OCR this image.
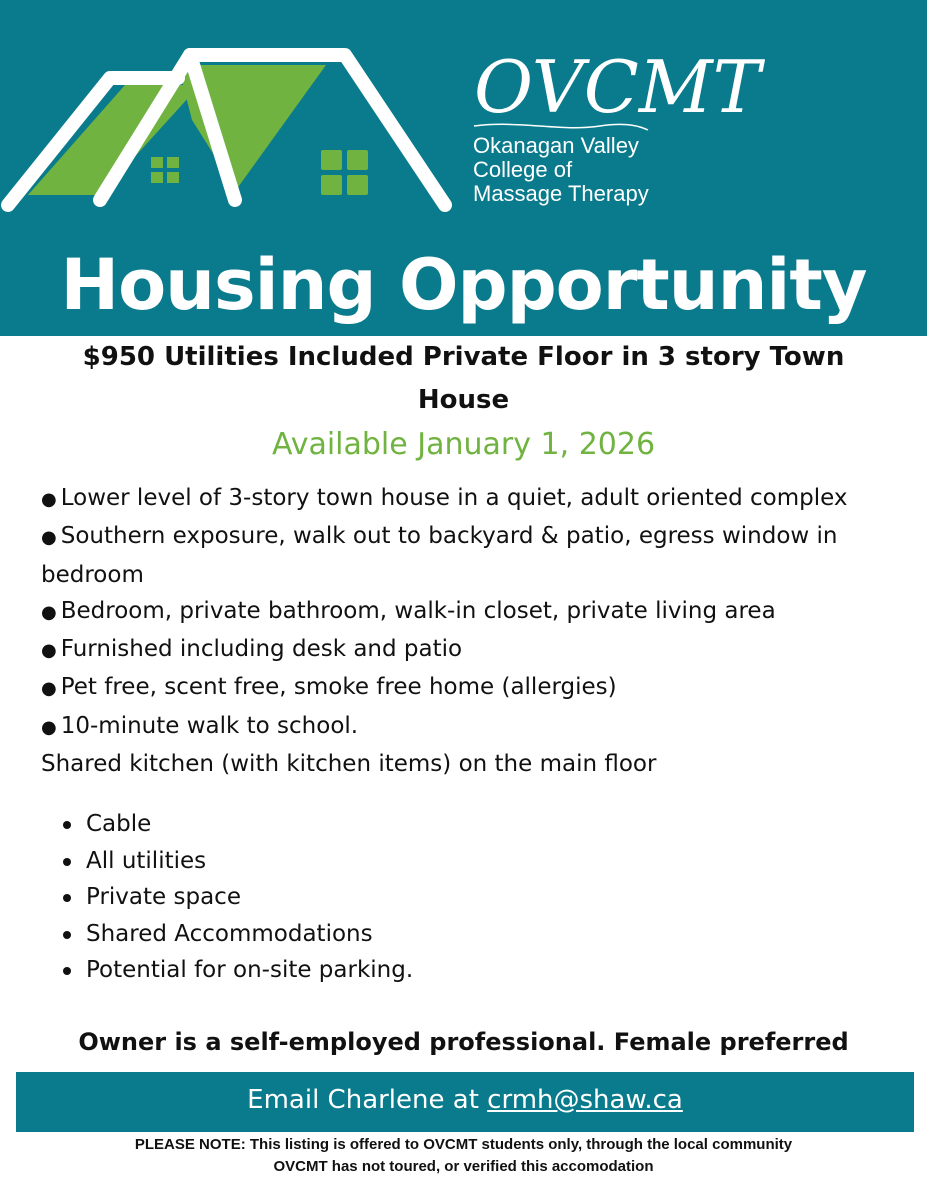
OVCMT
Okanagan Valley
College of
Massage Therapy
Housing Opportunity
$950 Utilities Included Private Floor in 3 story Town
House
Available January 1, 2026
● Lower level of 3-story town house in a quiet, adult oriented complex
● Southern exposure, walk out to backyard & patio, egress window in bedroom
● Bedroom, private bathroom, walk-in closet, private living area
● Furnished including desk and patio
● Pet free, scent free, smoke free home (allergies)
● 10-minute walk to school.
Shared kitchen (with kitchen items) on the main floor
Cable
All utilities
Private space
Shared Accommodations
Potential for on-site parking.
Owner is a self-employed professional. Female preferred
Email Charlene at crmh@shaw.ca
PLEASE NOTE: This listing is offered to OVCMT students only, through the local community
OVCMT has not toured, or verified this accomodation
